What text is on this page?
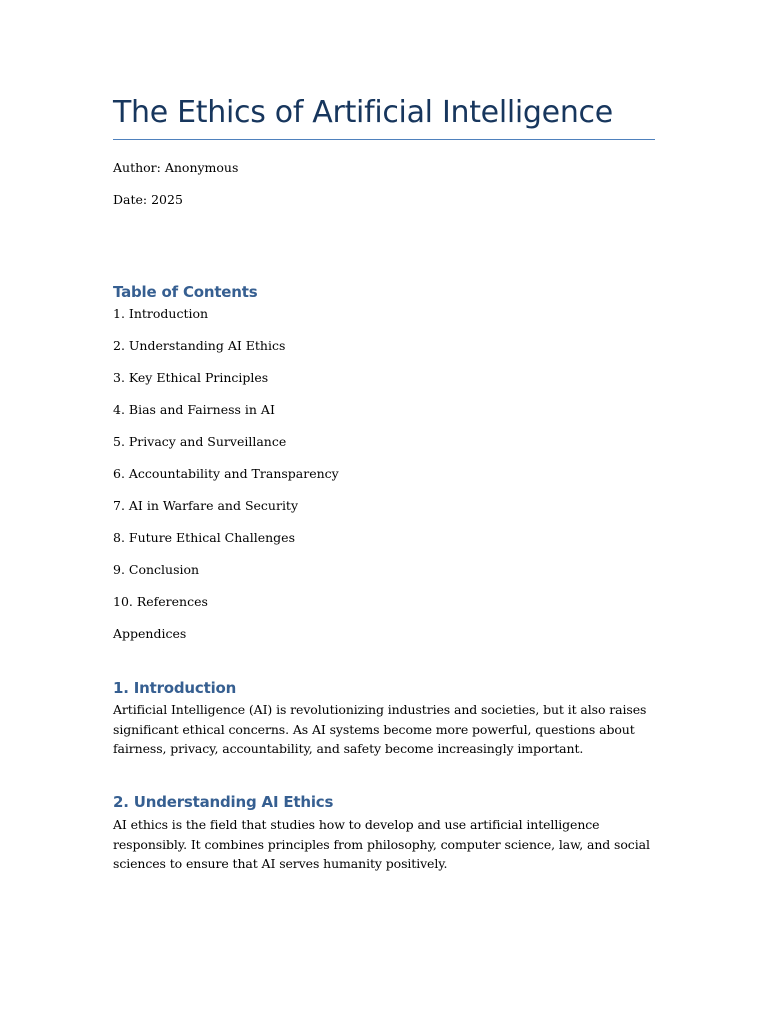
The Ethics of Artificial Intelligence

Author: Anonymous

Date: 2025

Table of Contents
1. Introduction
2. Understanding AI Ethics
3. Key Ethical Principles
4. Bias and Fairness in AI
5. Privacy and Surveillance
6. Accountability and Transparency
7. AI in Warfare and Security
8. Future Ethical Challenges
9. Conclusion
10. References
Appendices
1. Introduction

Artificial Intelligence (AI) is revolutionizing industries and societies, but it also raises significant ethical concerns. As AI systems become more powerful, questions about fairness, privacy, accountability, and safety become increasingly important.

2. Understanding AI Ethics

AI ethics is the field that studies how to develop and use artificial intelligence responsibly. It combines principles from philosophy, computer science, law, and social sciences to ensure that AI serves humanity positively.
